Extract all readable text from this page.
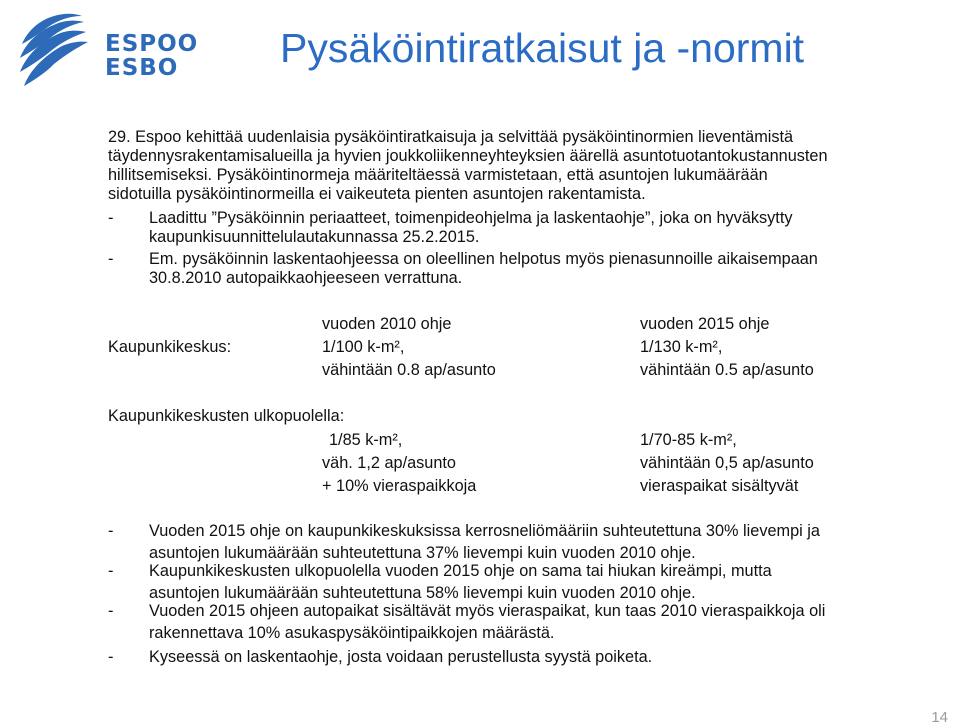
ESPOO
ESBO	Pysäköintiratkaisut ja -normit

29. Espoo kehittää uudenlaisia pysäköintiratkaisuja ja selvittää pysäköintinormien lieventämistä

täydennysrakentamisalueilla ja hyvien joukkoliikenneyhteyksien äärellä asuntotuotantokustannusten

hillitsemiseksi. Pysäköintinormeja määriteltäessä varmistetaan, että asuntojen lukumäärään

sidotuilla pysäköintinormeilla ei vaikeuteta pienten asuntojen rakentamista.

- Laadittu ”Pysäköinnin periaatteet, toimenpideohjelma ja laskentaohje”, joka on hyväksytty
kaupunkisuunnittelulautakunnassa 25.2.2015.
- Em. pysäköinnin laskentaohjeessa on oleellinen helpotus myös pienasunnoille aikaisempaan
30.8.2010 autopaikkaohjeeseen verrattuna.

vuoden 2010 ohje	vuoden 2015 ohje

Kaupunkikeskus:	1/100 k-m²,	1/130 k-m²,

vähintään 0.8 ap/asunto	vähintään 0.5 ap/asunto

Kaupunkikeskusten ulkopuolella:

1/85 k-m²,	1/70-85 k-m²,

väh. 1,2 ap/asunto	vähintään 0,5 ap/asunto

+ 10% vieraspaikkoja	vieraspaikat sisältyvät

- Vuoden 2015 ohje on kaupunkikeskuksissa kerrosneliömääriin suhteutettuna 30% lievempi ja
asuntojen lukumäärään suhteutettuna 37% lievempi kuin vuoden 2010 ohje.
- Kaupunkikeskusten ulkopuolella vuoden 2015 ohje on sama tai hiukan kireämpi, mutta
asuntojen lukumäärään suhteutettuna 58% lievempi kuin vuoden 2010 ohje.
- Vuoden 2015 ohjeen autopaikat sisältävät myös vieraspaikat, kun taas 2010 vieraspaikkoja oli
rakennettava 10% asukaspysäköintipaikkojen määrästä.
- Kyseessä on laskentaohje, josta voidaan perustellusta syystä poiketa.

14
